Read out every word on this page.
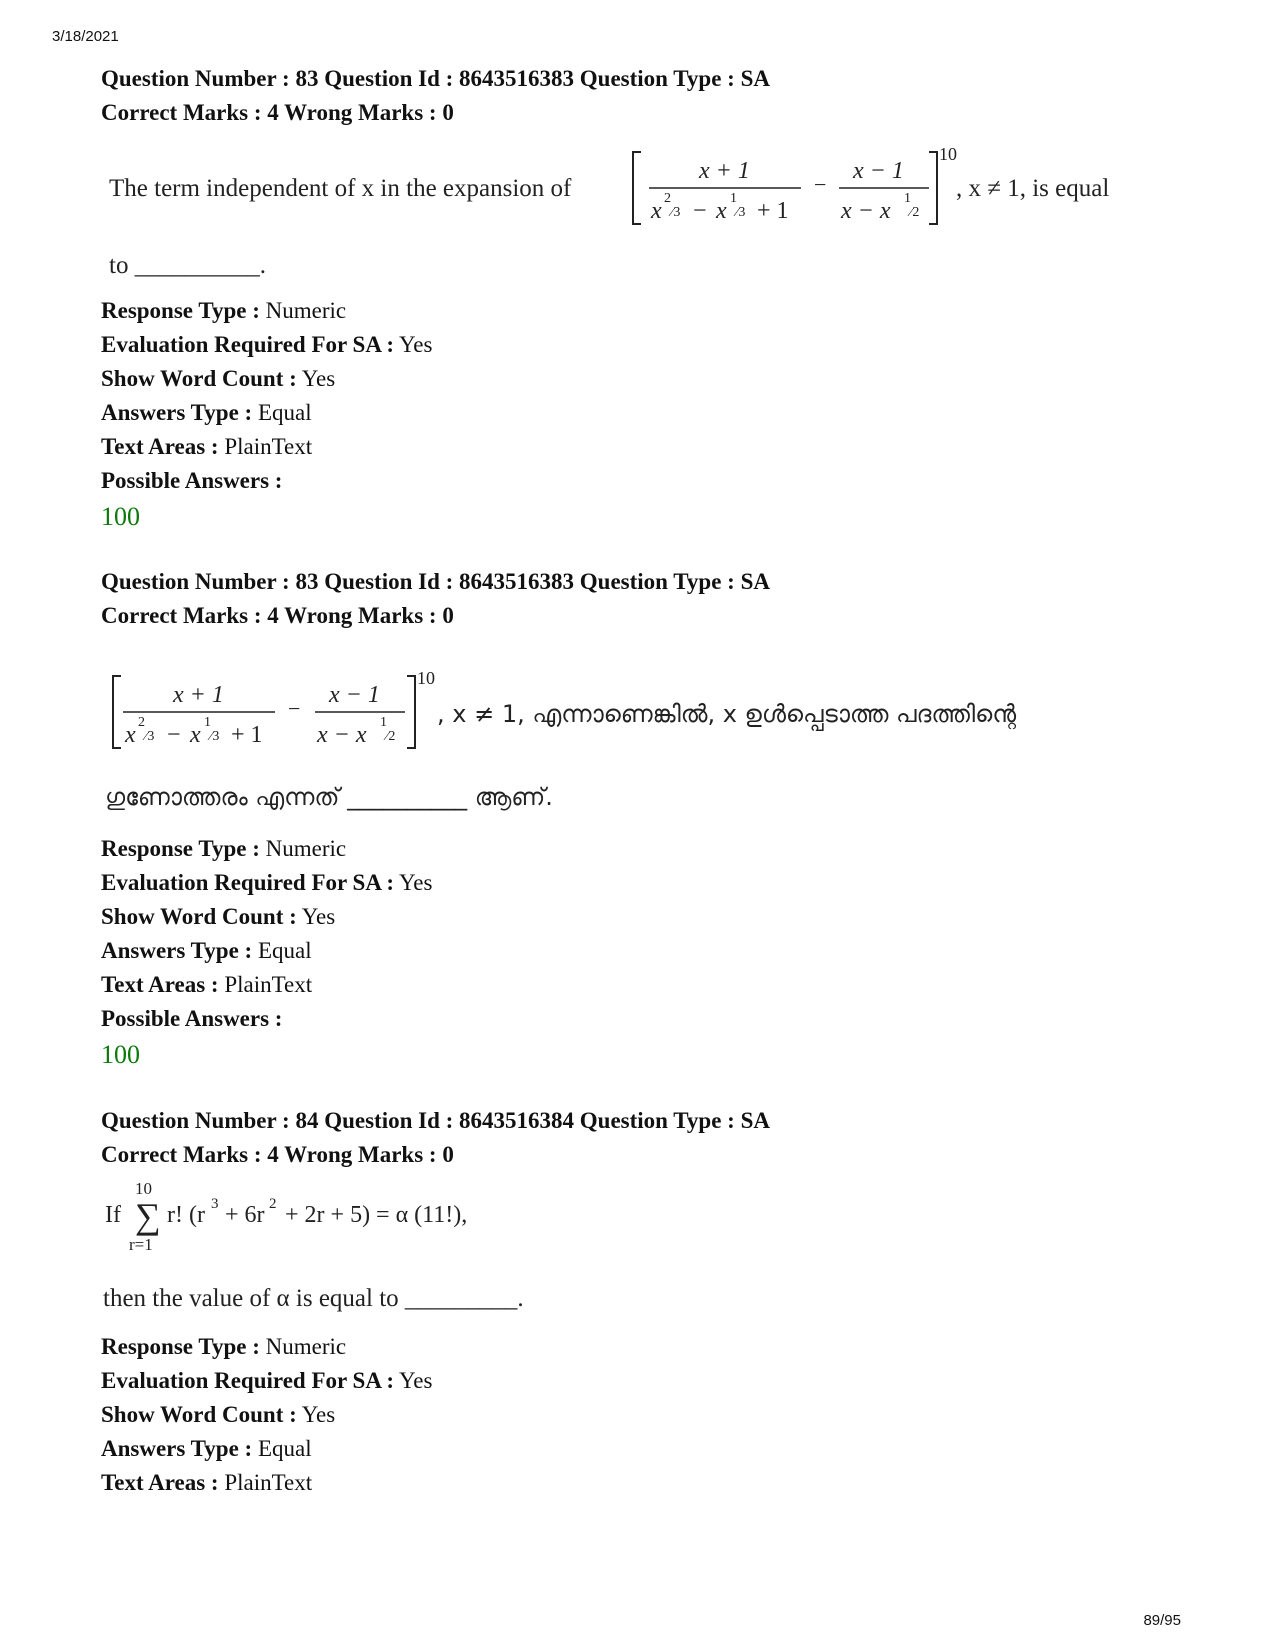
3/18/2021
Question Number : 83 Question Id : 8643516383 Question Type : SA
Correct Marks : 4 Wrong Marks : 0
The term independent of x in the expansion of
x + 1
x 2
⁄3 − x 1
⁄3 + 1
−
x − 1
x − x 1
⁄2
10
, x ≠ 1, is equal
to __________.
Response Type : Numeric
Evaluation Required For SA : Yes
Show Word Count : Yes
Answers Type : Equal
Text Areas : PlainText
Possible Answers :
100
Question Number : 83 Question Id : 8643516383 Question Type : SA
Correct Marks : 4 Wrong Marks : 0
x + 1
x 2
⁄3 − x 1
⁄3 + 1
−
x − 1
x − x 1
⁄2
10
, x ≠ 1, എന്നാണെങ്കിൽ, x ഉൾപ്പെടാത്ത പദത്തിന്റെ
ഗുണോത്തരം എന്നത് __________ ആണ്.
Response Type : Numeric
Evaluation Required For SA : Yes
Show Word Count : Yes
Answers Type : Equal
Text Areas : PlainText
Possible Answers :
100
Question Number : 84 Question Id : 8643516384 Question Type : SA
Correct Marks : 4 Wrong Marks : 0
If
10
∑
r=1
r! (r 3 + 6r 2 + 2r + 5) = α (11!),
then the value of α is equal to _________.
Response Type : Numeric
Evaluation Required For SA : Yes
Show Word Count : Yes
Answers Type : Equal
Text Areas : PlainText
89/95
